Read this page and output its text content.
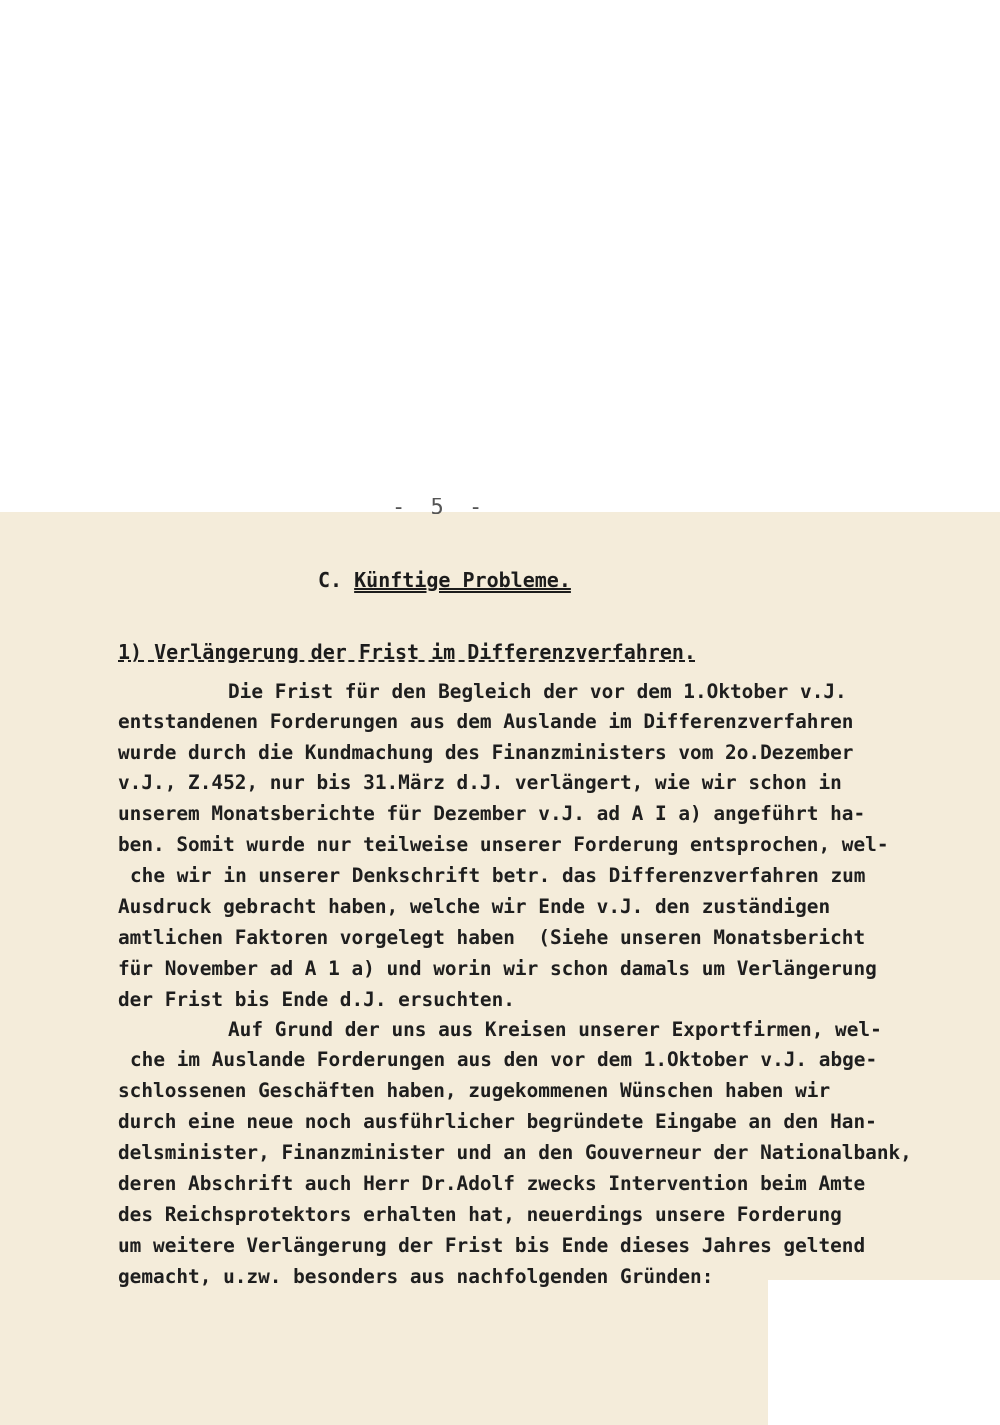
- 5 -
C. Künftige Probleme.
1) Verlängerung der Frist im Differenzverfahren.
Die Frist für den Begleich der vor dem 1.Oktober v.J.
entstandenen Forderungen aus dem Auslande im Differenzverfahren
wurde durch die Kundmachung des Finanzministers vom 2o.Dezember
v.J., Z.452, nur bis 31.März d.J. verlängert, wie wir schon in
unserem Monatsberichte für Dezember v.J. ad A I a) angeführt ha-
ben. Somit wurde nur teilweise unserer Forderung entsprochen, wel-
che wir in unserer Denkschrift betr. das Differenzverfahren zum
Ausdruck gebracht haben, welche wir Ende v.J. den zuständigen
amtlichen Faktoren vorgelegt haben  (Siehe unseren Monatsbericht
für November ad A 1 a) und worin wir schon damals um Verlängerung
der Frist bis Ende d.J. ersuchten.
Auf Grund der uns aus Kreisen unserer Exportfirmen, wel-
che im Auslande Forderungen aus den vor dem 1.Oktober v.J. abge-
schlossenen Geschäften haben, zugekommenen Wünschen haben wir
durch eine neue noch ausführlicher begründete Eingabe an den Han-
delsminister, Finanzminister und an den Gouverneur der Nationalbank,
deren Abschrift auch Herr Dr.Adolf zwecks Intervention beim Amte
des Reichsprotektors erhalten hat, neuerdings unsere Forderung
um weitere Verlängerung der Frist bis Ende dieses Jahres geltend
gemacht, u.zw. besonders aus nachfolgenden Gründen:
